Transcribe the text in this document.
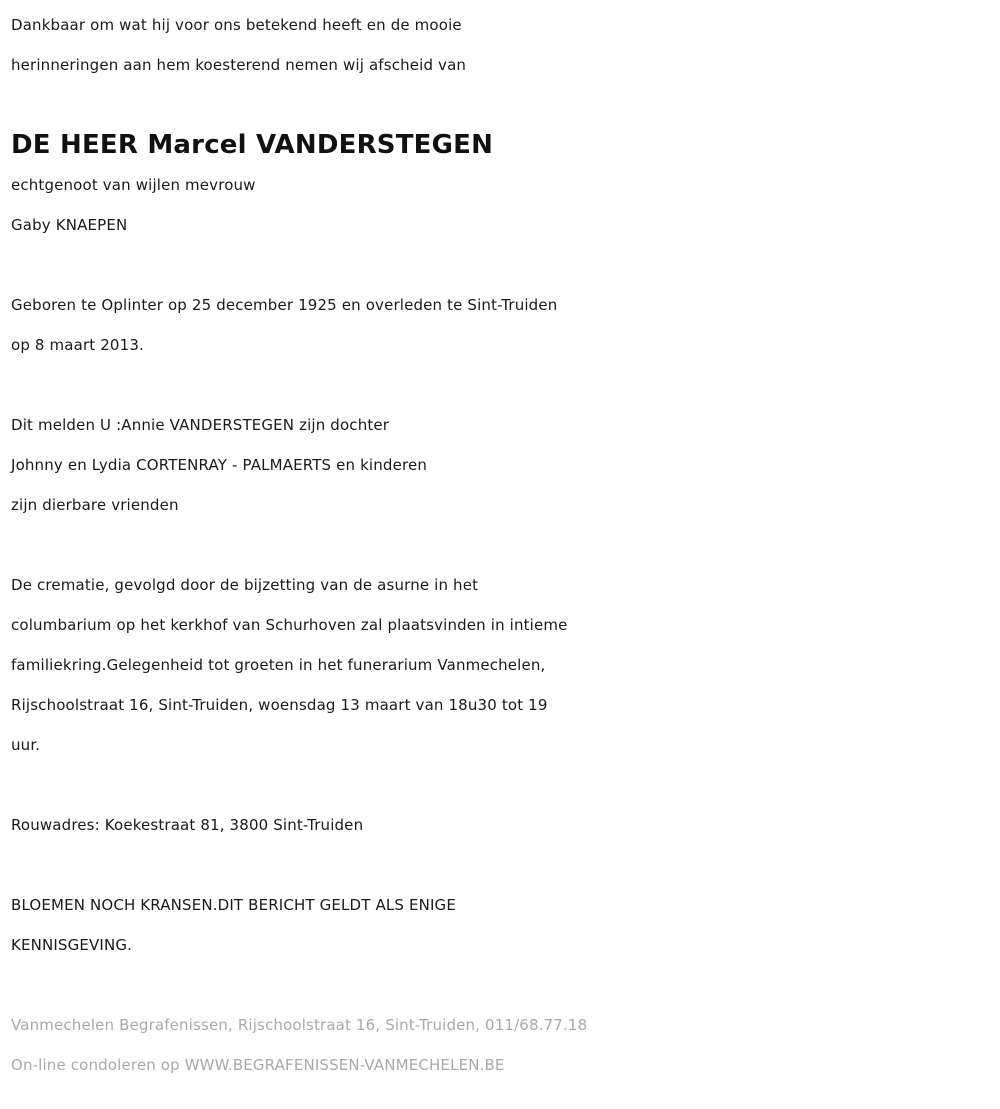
Dankbaar om wat hij voor ons betekend heeft en de mooie
herinneringen aan hem koesterend nemen wij afscheid van
DE HEER Marcel VANDERSTEGEN
echtgenoot van wijlen mevrouw
Gaby KNAEPEN
Geboren te Oplinter op 25 december 1925 en overleden te Sint-Truiden
op 8 maart 2013.
Dit melden U :Annie VANDERSTEGEN zijn dochter
Johnny en Lydia CORTENRAY - PALMAERTS en kinderen
zijn dierbare vrienden
De crematie, gevolgd door de bijzetting van de asurne in het
columbarium op het kerkhof van Schurhoven zal plaatsvinden in intieme
familiekring.Gelegenheid tot groeten in het funerarium Vanmechelen,
Rijschoolstraat 16, Sint-Truiden, woensdag 13 maart van 18u30 tot 19
uur.
Rouwadres: Koekestraat 81, 3800 Sint-Truiden
BLOEMEN NOCH KRANSEN.DIT BERICHT GELDT ALS ENIGE
KENNISGEVING.
Vanmechelen Begrafenissen, Rijschoolstraat 16, Sint-Truiden, 011/68.77.18
On-line condoleren op WWW.BEGRAFENISSEN-VANMECHELEN.BE
